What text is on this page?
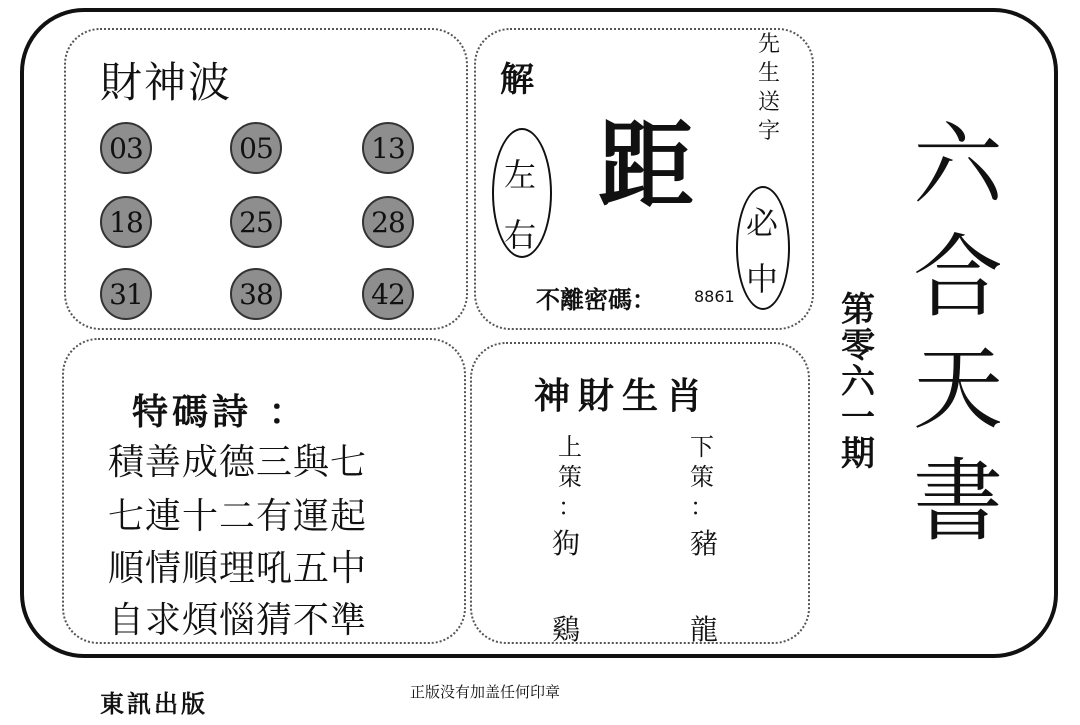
財神波
03	05	13
18	25	28
31	38	42
解
左
右
距
先
生
送
字
必
中
不離密碼： 8861
六
合
天
書
第
零
六
一
期
特碼詩 ：
積善成德三與七
七連十二有運起
順情順理吼五中
自求煩惱猜不準
神財生肖
上
策
：
狗
鷄
下
策
：
豬
龍
東訊出版	正版没有加盖任何印章
